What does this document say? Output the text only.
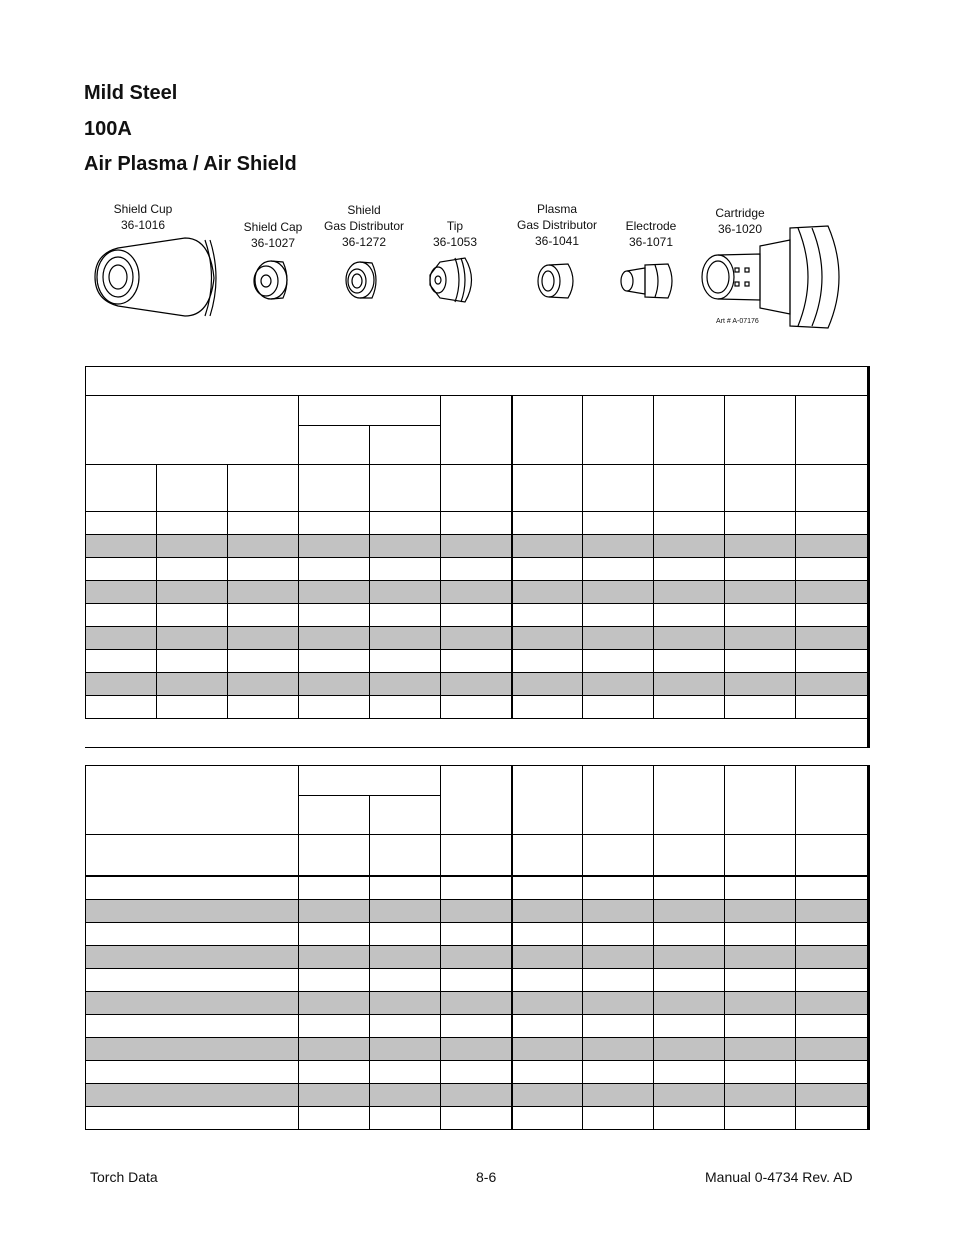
Mild Steel
100A
Air Plasma / Air Shield
Shield Cup
36-1016	Shield Cap
36-1027
Shield
Gas Distributor
36-1272
Tip
36-1053
Plasma
Gas Distributor
36-1041
Electrode
36-1071
Cartridge
36-1020
Art # A-07176

Torch Data	8-6	Manual 0-4734 Rev. AD
